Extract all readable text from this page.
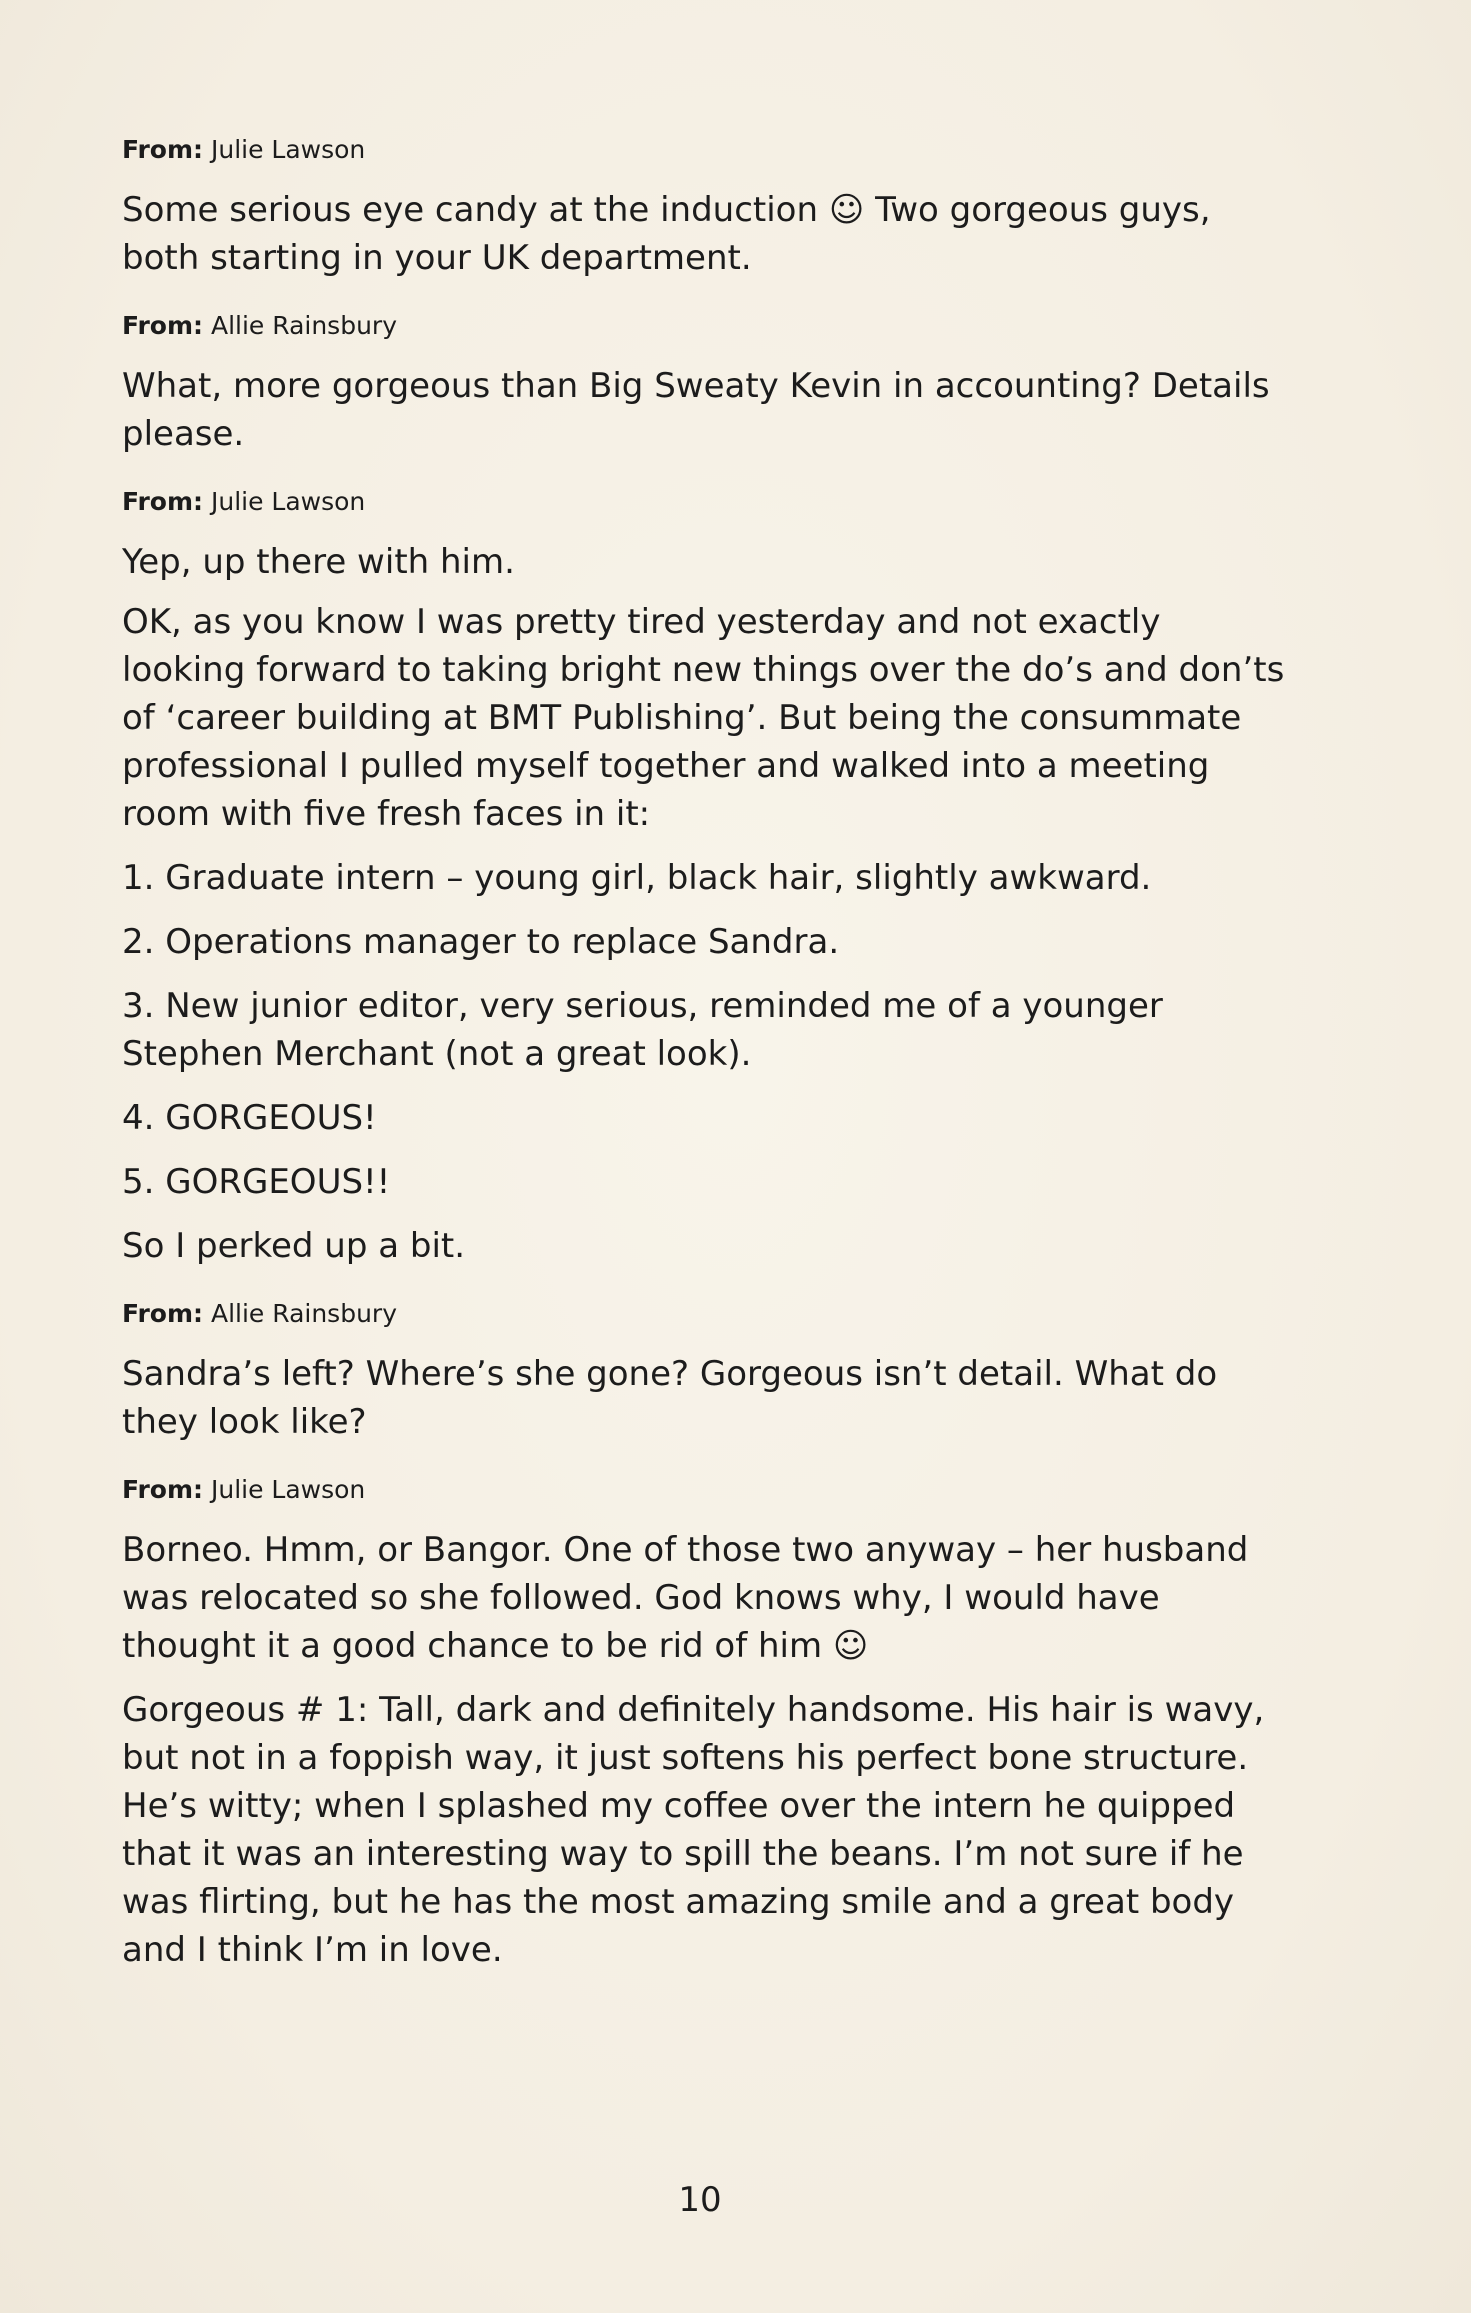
From: Julie Lawson

Some serious eye candy at the induction ☺ Two gorgeous guys, both starting in your UK department.

From: Allie Rainsbury

What, more gorgeous than Big Sweaty Kevin in accounting? Details please.

From: Julie Lawson

Yep, up there with him.

OK, as you know I was pretty tired yesterday and not exactly looking forward to taking bright new things over the do’s and don’ts of ‘career building at BMT Publishing’. But being the consummate professional I pulled myself together and walked into a meeting room with five fresh faces in it:

1. Graduate intern – young girl, black hair, slightly awkward.

2. Operations manager to replace Sandra.

3. New junior editor, very serious, reminded me of a younger Stephen Merchant (not a great look).

4. GORGEOUS!

5. GORGEOUS!!

So I perked up a bit.

From: Allie Rainsbury

Sandra’s left? Where’s she gone? Gorgeous isn’t detail. What do they look like?

From: Julie Lawson

Borneo. Hmm, or Bangor. One of those two anyway – her husband was relocated so she followed. God knows why, I would have thought it a good chance to be rid of him ☺

Gorgeous # 1: Tall, dark and definitely handsome. His hair is wavy, but not in a foppish way, it just softens his perfect bone structure. He’s witty; when I splashed my coffee over the intern he quipped that it was an interesting way to spill the beans. I’m not sure if he was flirting, but he has the most amazing smile and a great body and I think I’m in love.

10
